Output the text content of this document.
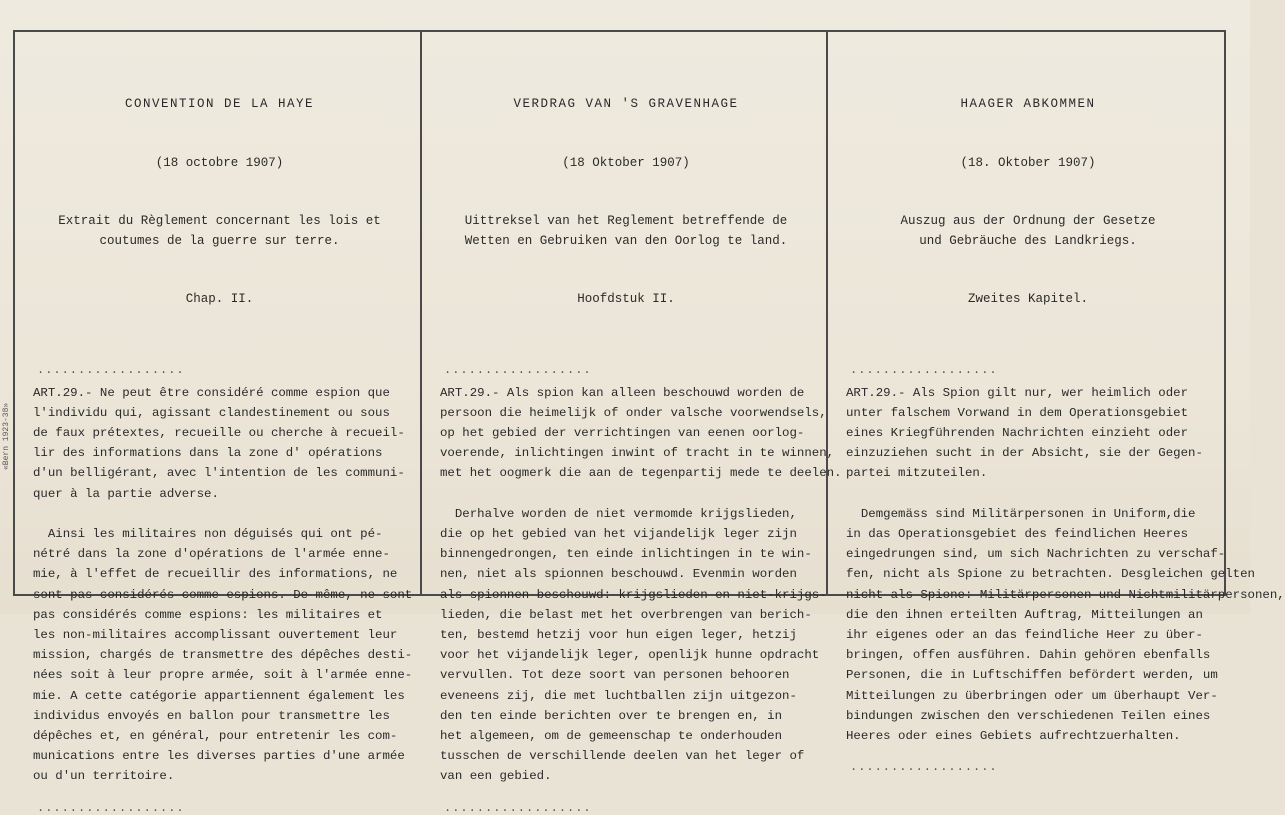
«Bern 1923-38»

CONVENTION DE LA HAYE

(18 octobre 1907)

Extrait du Règlement concernant les lois et
coutumes de la guerre sur terre.

Chap. II.

..................
ART.29.- Ne peut être considéré comme espion que
l'individu qui, agissant clandestinement ou sous
de faux prétextes, recueille ou cherche à recueil-
lir des informations dans la zone d' opérations
d'un belligérant, avec l'intention de les communi-
quer à la partie adverse.

Ainsi les militaires non déguisés qui ont pé-
nétré dans la zone d'opérations de l'armée enne-
mie, à l'effet de recueillir des informations, ne
sont pas considérés comme espions. De même, ne sont
pas considérés comme espions: les militaires et
les non-militaires accomplissant ouvertement leur
mission, chargés de transmettre des dépêches desti-
nées soit à leur propre armée, soit à l'armée enne-
mie. A cette catégorie appartiennent également les
individus envoyés en ballon pour transmettre les
dépêches et, en général, pour entretenir les com-
munications entre les diverses parties d'une armée
ou d'un territoire.
..................

VERDRAG VAN 'S GRAVENHAGE

(18 Oktober 1907)

Uittreksel van het Reglement betreffende de
Wetten en Gebruiken van den Oorlog te land.

Hoofdstuk II.

..................
ART.29.- Als spion kan alleen beschouwd worden de
persoon die heimelijk of onder valsche voorwendsels,
op het gebied der verrichtingen van eenen oorlog-
voerende, inlichtingen inwint of tracht in te winnen,
met het oogmerk die aan de tegenpartij mede te deelen.

Derhalve worden de niet vermomde krijgslieden,
die op het gebied van het vijandelijk leger zijn
binnengedrongen, ten einde inlichtingen in te win-
nen, niet als spionnen beschouwd. Evenmin worden
als spionnen beschouwd: krijgslieden en niet-krijgs-
lieden, die belast met het overbrengen van berich-
ten, bestemd hetzij voor hun eigen leger, hetzij
voor het vijandelijk leger, openlijk hunne opdracht
vervullen. Tot deze soort van personen behooren
eveneens zij, die met luchtballen zijn uitgezon-
den ten einde berichten over te brengen en, in
het algemeen, om de gemeenschap te onderhouden
tusschen de verschillende deelen van het leger of
van een gebied.
..................

HAAGER ABKOMMEN

(18. Oktober 1907)

Auszug aus der Ordnung der Gesetze
und Gebräuche des Landkriegs.

Zweites Kapitel.

..................
ART.29.- Als Spion gilt nur, wer heimlich oder
unter falschem Vorwand in dem Operationsgebiet
eines Kriegführenden Nachrichten einzieht oder
einzuziehen sucht in der Absicht, sie der Gegen-
partei mitzuteilen.

Demgemäss sind Militärpersonen in Uniform,die
in das Operationsgebiet des feindlichen Heeres
eingedrungen sind, um sich Nachrichten zu verschaf-
fen, nicht als Spione zu betrachten. Desgleichen gelten
nicht als Spione: Militärpersonen und Nichtmilitärpersonen,
die den ihnen erteilten Auftrag, Mitteilungen an
ihr eigenes oder an das feindliche Heer zu über-
bringen, offen ausführen. Dahin gehören ebenfalls
Personen, die in Luftschiffen befördert werden, um
Mitteilungen zu überbringen oder um überhaupt Ver-
bindungen zwischen den verschiedenen Teilen eines
Heeres oder eines Gebiets aufrechtzuerhalten.
..................
